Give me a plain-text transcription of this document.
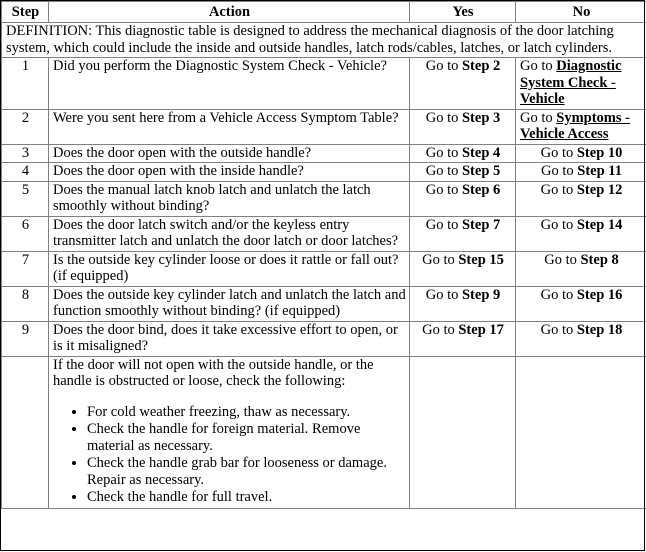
Step	Action	Yes	No
DEFINITION: This diagnostic table is designed to address the mechanical diagnosis of the door latching system, which could include the inside and outside handles, latch rods/cables, latches, or latch cylinders.			
1	Did you perform the Diagnostic System Check - Vehicle?	Go to Step 2	Go to Diagnostic System Check - Vehicle
2	Were you sent here from a Vehicle Access Symptom Table?	Go to Step 3	Go to Symptoms - Vehicle Access
3	Does the door open with the outside handle?	Go to Step 4	Go to Step 10
4	Does the door open with the inside handle?	Go to Step 5	Go to Step 11
5	Does the manual latch knob latch and unlatch the latch smoothly without binding?	Go to Step 6	Go to Step 12
6	Does the door latch switch and/or the keyless entry transmitter latch and unlatch the door latch or door latches?	Go to Step 7	Go to Step 14
7	Is the outside key cylinder loose or does it rattle or fall out? (if equipped)	Go to Step 15	Go to Step 8
8	Does the outside key cylinder latch and unlatch the latch and function smoothly without binding? (if equipped)	Go to Step 9	Go to Step 16
9	Does the door bind, does it take excessive effort to open, or is it misaligned?	Go to Step 17	Go to Step 18

If the door will not open with the outside handle, or the handle is obstructed or loose, check the following:
• For cold weather freezing, thaw as necessary.
• Check the handle for foreign material. Remove material as necessary.
• Check the handle grab bar for looseness or damage. Repair as necessary.
• Check the handle for full travel.
